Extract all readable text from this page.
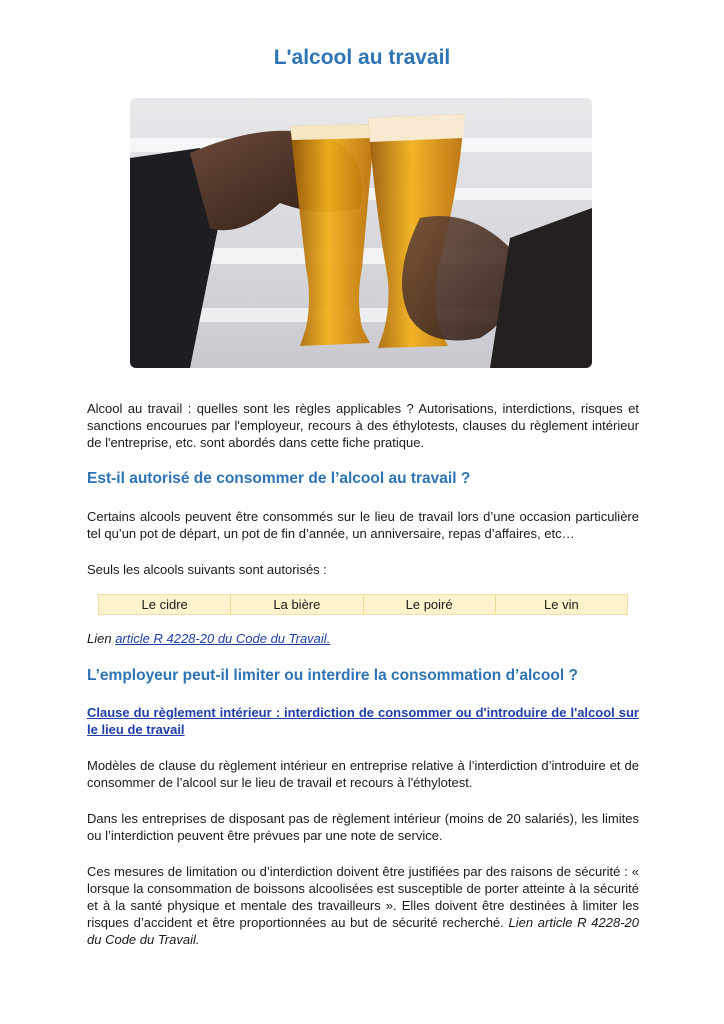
L'alcool au travail
Alcool au travail : quelles sont les règles applicables ? Autorisations, interdictions, risques et sanctions encourues par l'employeur, recours à des éthylotests, clauses du règlement intérieur de l'entreprise, etc. sont abordés dans cette fiche pratique.
Est-il autorisé de consommer de l’alcool au travail ?
Certains alcools peuvent être consommés sur le lieu de travail lors d’une occasion particulière tel qu’un pot de départ, un pot de fin d’année, un anniversaire, repas d’affaires, etc…
Seuls les alcools suivants sont autorisés :
Le cidre	La bière	Le poiré	Le vin
Lien article R 4228-20 du Code du Travail.
L’employeur peut-il limiter ou interdire la consommation d’alcool ?
Clause du règlement intérieur : interdiction de consommer ou d'introduire de l'alcool sur le lieu de travail
Modèles de clause du règlement intérieur en entreprise relative à l’interdiction d’introduire et de consommer de l’alcool sur le lieu de travail et recours à l'éthylotest.
Dans les entreprises de disposant pas de règlement intérieur (moins de 20 salariés), les limites ou l’interdiction peuvent être prévues par une note de service.
Ces mesures de limitation ou d’interdiction doivent être justifiées par des raisons de sécurité : « lorsque la consommation de boissons alcoolisées est susceptible de porter atteinte à la sécurité et à la santé physique et mentale des travailleurs ». Elles doivent être destinées à limiter les risques d’accident et être proportionnées au but de sécurité recherché. Lien article R 4228-20 du Code du Travail.
